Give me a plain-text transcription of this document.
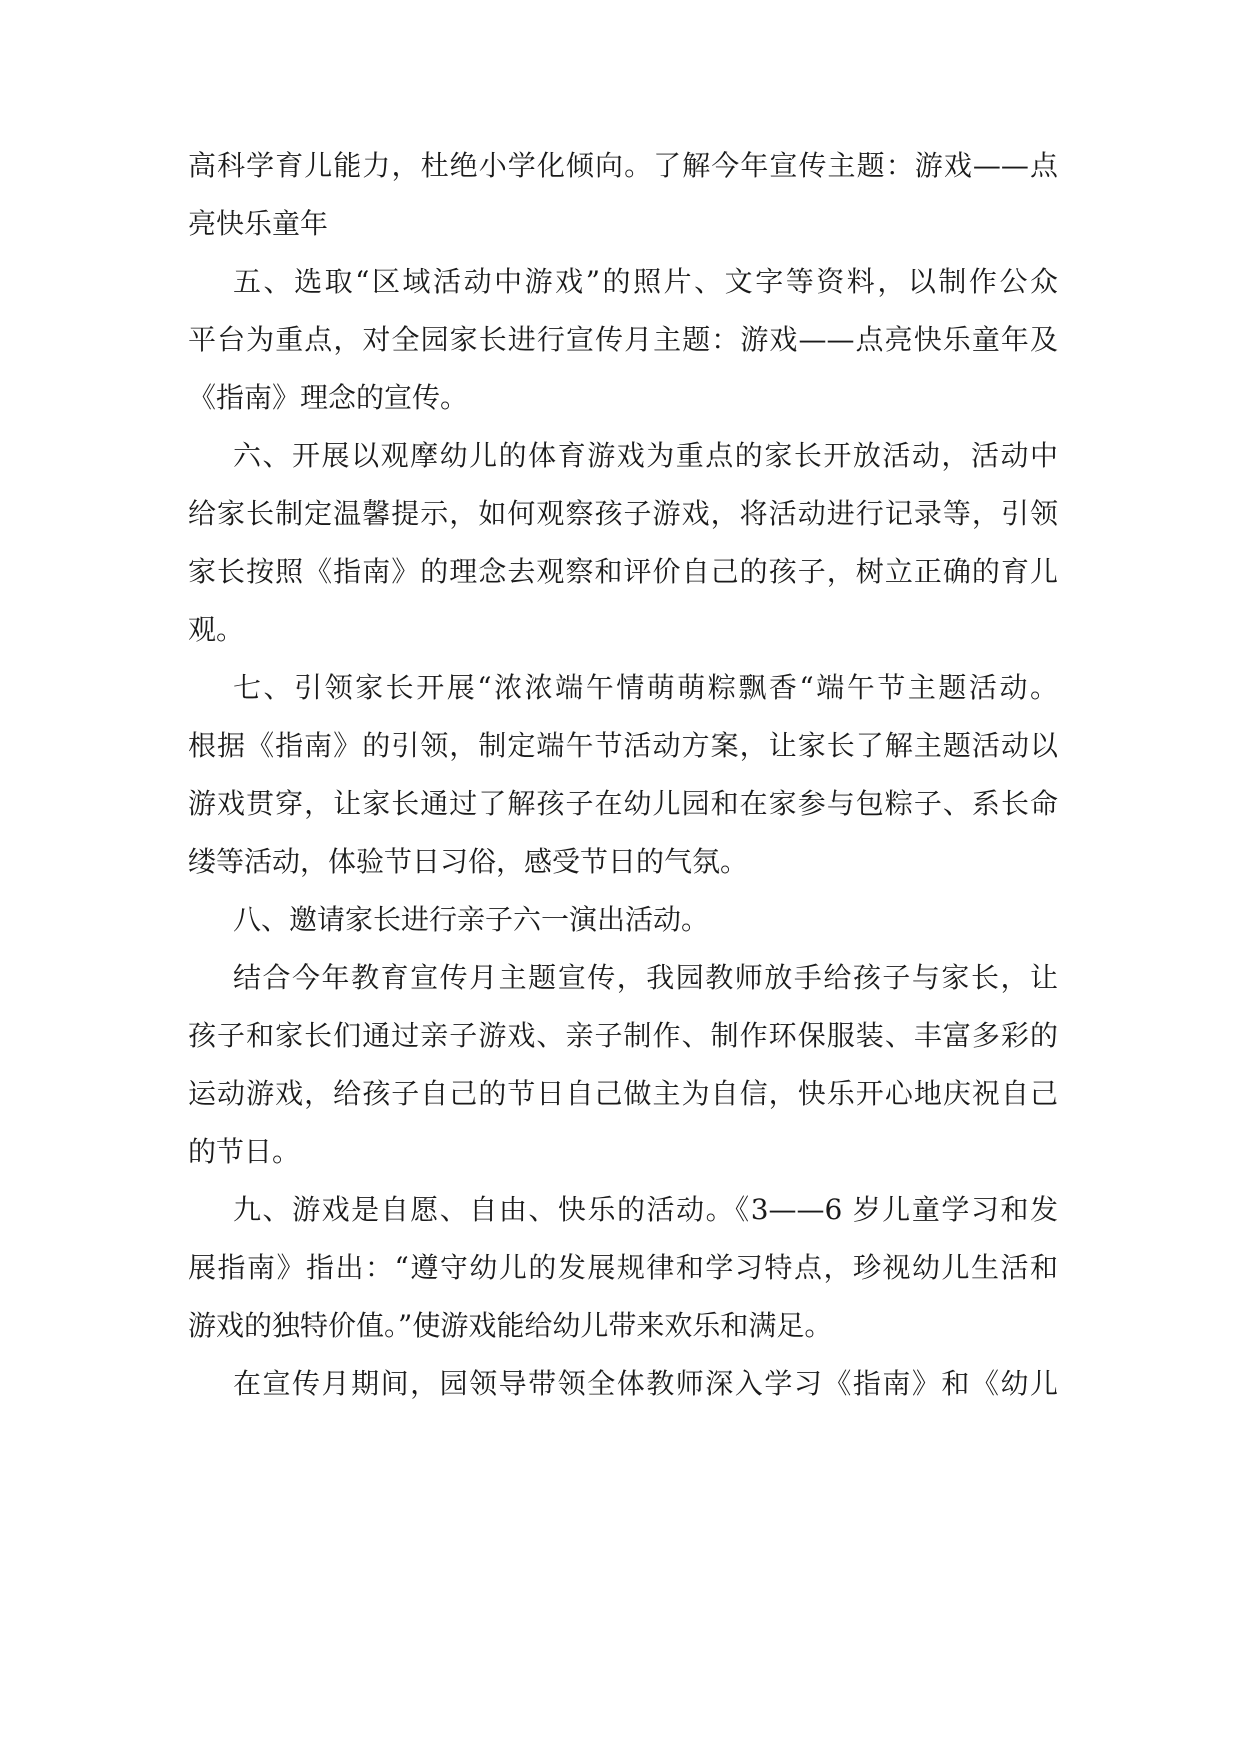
高科学育儿能力，杜绝小学化倾向。了解今年宣传主题：游戏——点
亮快乐童年
五、选取“区域活动中游戏”的照片、文字等资料，以制作公众
平台为重点，对全园家长进行宣传月主题：游戏——点亮快乐童年及
《指南》理念的宣传。
六、开展以观摩幼儿的体育游戏为重点的家长开放活动，活动中
给家长制定温馨提示，如何观察孩子游戏，将活动进行记录等，引领
家长按照《指南》的理念去观察和评价自己的孩子，树立正确的育儿
观。
七、引领家长开展“浓浓端午情萌萌粽飘香“端午节主题活动。
根据《指南》的引领，制定端午节活动方案，让家长了解主题活动以
游戏贯穿，让家长通过了解孩子在幼儿园和在家参与包粽子、系长命
缕等活动，体验节日习俗，感受节日的气氛。
八、邀请家长进行亲子六一演出活动。
结合今年教育宣传月主题宣传，我园教师放手给孩子与家长，让
孩子和家长们通过亲子游戏、亲子制作、制作环保服装、丰富多彩的
运动游戏，给孩子自己的节日自己做主为自信，快乐开心地庆祝自己
的节日。
九、游戏是自愿、自由、快乐的活动。《3——6 岁儿童学习和发
展指南》指出：“遵守幼儿的发展规律和学习特点，珍视幼儿生活和
游戏的独特价值。”使游戏能给幼儿带来欢乐和满足。
在宣传月期间，园领导带领全体教师深入学习《指南》和《幼儿
